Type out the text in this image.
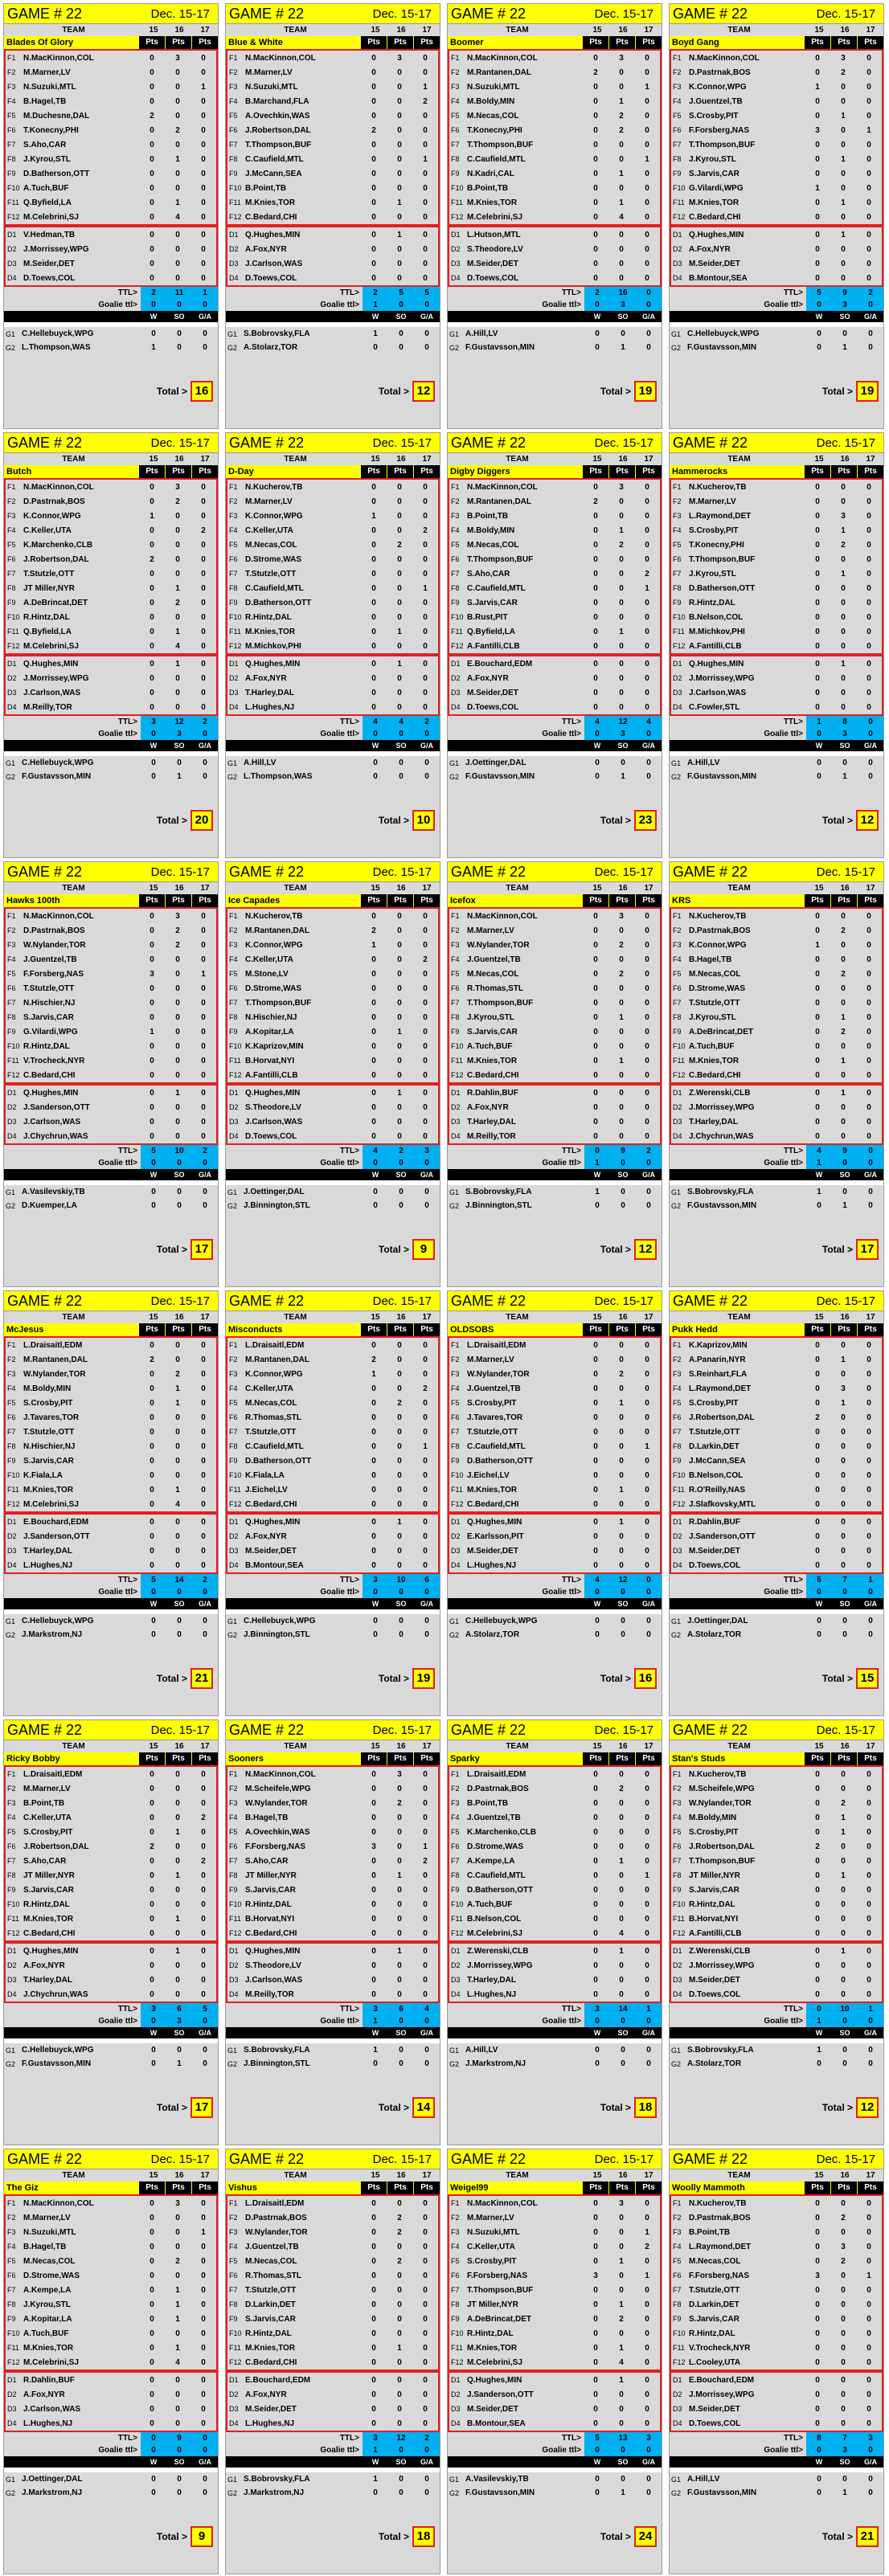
GAME # 22	Dec. 15-17
TEAM	15	16	17
Blades Of Glory	Pts	Pts	Pts
F1 N.MacKinnon,COL	0	3	0
F2 M.Marner,LV	0	0	0
F3 N.Suzuki,MTL	0	0	1
F4 B.Hagel,TB	0	0	0
F5 M.Duchesne,DAL	2	0	0
F6 T.Konecny,PHI	0	2	0
F7 S.Aho,CAR	0	0	0
F8 J.Kyrou,STL	0	1	0
F9 D.Batherson,OTT	0	0	0
F10 A.Tuch,BUF	0	0	0
F11 Q.Byfield,LA	0	1	0
F12 M.Celebrini,SJ	0	4	0
D1 V.Hedman,TB	0	0	0
D2 J.Morrissey,WPG	0	0	0
D3 M.Seider,DET	0	0	0
D4 D.Toews,COL	0	0	0
TTL>	2	11	1
Goalie ttl>	0	0	0
W	SO	G/A
G1 C.Hellebuyck,WPG	0	0	0
G2 L.Thompson,WAS	1	0	0
Total > 16
GAME # 22	Dec. 15-17
TEAM	15	16	17
Blue & White	Pts	Pts	Pts
F1 N.MacKinnon,COL	0	3	0
F2 M.Marner,LV	0	0	0
F3 N.Suzuki,MTL	0	0	1
F4 B.Marchand,FLA	0	0	2
F5 A.Ovechkin,WAS	0	0	0
F6 J.Robertson,DAL	2	0	0
F7 T.Thompson,BUF	0	0	0
F8 C.Caufield,MTL	0	0	1
F9 J.McCann,SEA	0	0	0
F10 B.Point,TB	0	0	0
F11 M.Knies,TOR	0	1	0
F12 C.Bedard,CHI	0	0	0
D1 Q.Hughes,MIN	0	1	0
D2 A.Fox,NYR	0	0	0
D3 J.Carlson,WAS	0	0	0
D4 D.Toews,COL	0	0	0
TTL>	2	5	5
Goalie ttl>	1	0	0
W	SO	G/A
G1 S.Bobrovsky,FLA	1	0	0
G2 A.Stolarz,TOR	0	0	0
Total > 12
GAME # 22	Dec. 15-17
TEAM	15	16	17
Boomer	Pts	Pts	Pts
F1 N.MacKinnon,COL	0	3	0
F2 M.Rantanen,DAL	2	0	0
F3 N.Suzuki,MTL	0	0	1
F4 M.Boldy,MIN	0	1	0
F5 M.Necas,COL	0	2	0
F6 T.Konecny,PHI	0	2	0
F7 T.Thompson,BUF	0	0	0
F8 C.Caufield,MTL	0	0	1
F9 N.Kadri,CAL	0	1	0
F10 B.Point,TB	0	0	0
F11 M.Knies,TOR	0	1	0
F12 M.Celebrini,SJ	0	4	0
D1 L.Hutson,MTL	0	0	0
D2 S.Theodore,LV	0	0	0
D3 M.Seider,DET	0	0	0
D4 D.Toews,COL	0	0	0
TTL>	2	16	0
Goalie ttl>	0	3	0
W	SO	G/A
G1 A.Hill,LV	0	0	0
G2 F.Gustavsson,MIN	0	1	0
Total > 19
GAME # 22	Dec. 15-17
TEAM	15	16	17
Boyd Gang	Pts	Pts	Pts
F1 N.MacKinnon,COL	0	3	0
F2 D.Pastrnak,BOS	0	2	0
F3 K.Connor,WPG	1	0	0
F4 J.Guentzel,TB	0	0	0
F5 S.Crosby,PIT	0	1	0
F6 F.Forsberg,NAS	3	0	1
F7 T.Thompson,BUF	0	0	0
F8 J.Kyrou,STL	0	1	0
F9 S.Jarvis,CAR	0	0	0
F10 G.Vilardi,WPG	1	0	0
F11 M.Knies,TOR	0	1	0
F12 C.Bedard,CHI	0	0	0
D1 Q.Hughes,MIN	0	1	0
D2 A.Fox,NYR	0	0	0
D3 M.Seider,DET	0	0	0
D4 B.Montour,SEA	0	0	0
TTL>	5	9	2
Goalie ttl>	0	3	0
W	SO	G/A
G1 C.Hellebuyck,WPG	0	0	0
G2 F.Gustavsson,MIN	0	1	0
Total > 19
GAME # 22	Dec. 15-17
TEAM	15	16	17
Butch	Pts	Pts	Pts
F1 N.MacKinnon,COL	0	3	0
F2 D.Pastrnak,BOS	0	2	0
F3 K.Connor,WPG	1	0	0
F4 C.Keller,UTA	0	0	2
F5 K.Marchenko,CLB	0	0	0
F6 J.Robertson,DAL	2	0	0
F7 T.Stutzle,OTT	0	0	0
F8 JT Miller,NYR	0	1	0
F9 A.DeBrincat,DET	0	2	0
F10 R.Hintz,DAL	0	0	0
F11 Q.Byfield,LA	0	1	0
F12 M.Celebrini,SJ	0	4	0
D1 Q.Hughes,MIN	0	1	0
D2 J.Morrissey,WPG	0	0	0
D3 J.Carlson,WAS	0	0	0
D4 M.Reilly,TOR	0	0	0
TTL>	3	12	2
Goalie ttl>	0	3	0
W	SO	G/A
G1 C.Hellebuyck,WPG	0	0	0
G2 F.Gustavsson,MIN	0	1	0
Total > 20
GAME # 22	Dec. 15-17
TEAM	15	16	17
D-Day	Pts	Pts	Pts
F1 N.Kucherov,TB	0	0	0
F2 M.Marner,LV	0	0	0
F3 K.Connor,WPG	1	0	0
F4 C.Keller,UTA	0	0	2
F5 M.Necas,COL	0	2	0
F6 D.Strome,WAS	0	0	0
F7 T.Stutzle,OTT	0	0	0
F8 C.Caufield,MTL	0	0	1
F9 D.Batherson,OTT	0	0	0
F10 R.Hintz,DAL	0	0	0
F11 M.Knies,TOR	0	1	0
F12 M.Michkov,PHI	0	0	0
D1 Q.Hughes,MIN	0	1	0
D2 A.Fox,NYR	0	0	0
D3 T.Harley,DAL	0	0	0
D4 L.Hughes,NJ	0	0	0
TTL>	4	4	2
Goalie ttl>	0	0	0
W	SO	G/A
G1 A.Hill,LV	0	0	0
G2 L.Thompson,WAS	0	0	0
Total > 10
GAME # 22	Dec. 15-17
TEAM	15	16	17
Digby Diggers	Pts	Pts	Pts
F1 N.MacKinnon,COL	0	3	0
F2 M.Rantanen,DAL	2	0	0
F3 B.Point,TB	0	0	0
F4 M.Boldy,MIN	0	1	0
F5 M.Necas,COL	0	2	0
F6 T.Thompson,BUF	0	0	0
F7 S.Aho,CAR	0	0	2
F8 C.Caufield,MTL	0	0	1
F9 S.Jarvis,CAR	0	0	0
F10 B.Rust,PIT	0	0	0
F11 Q.Byfield,LA	0	1	0
F12 A.Fantilli,CLB	0	0	0
D1 E.Bouchard,EDM	0	0	0
D2 A.Fox,NYR	0	0	0
D3 M.Seider,DET	0	0	0
D4 D.Toews,COL	0	0	0
TTL>	4	12	4
Goalie ttl>	0	3	0
W	SO	G/A
G1 J.Oettinger,DAL	0	0	0
G2 F.Gustavsson,MIN	0	1	0
Total > 23
GAME # 22	Dec. 15-17
TEAM	15	16	17
Hammerocks	Pts	Pts	Pts
F1 N.Kucherov,TB	0	0	0
F2 M.Marner,LV	0	0	0
F3 L.Raymond,DET	0	3	0
F4 S.Crosby,PIT	0	1	0
F5 T.Konecny,PHI	0	2	0
F6 T.Thompson,BUF	0	0	0
F7 J.Kyrou,STL	0	1	0
F8 D.Batherson,OTT	0	0	0
F9 R.Hintz,DAL	0	0	0
F10 B.Nelson,COL	0	0	0
F11 M.Michkov,PHI	0	0	0
F12 A.Fantilli,CLB	0	0	0
D1 Q.Hughes,MIN	0	1	0
D2 J.Morrissey,WPG	0	0	0
D3 J.Carlson,WAS	0	0	0
D4 C.Fowler,STL	0	0	0
TTL>	1	8	0
Goalie ttl>	0	3	0
W	SO	G/A
G1 A.Hill,LV	0	0	0
G2 F.Gustavsson,MIN	0	1	0
Total > 12
GAME # 22	Dec. 15-17
TEAM	15	16	17
Hawks 100th	Pts	Pts	Pts
F1 N.MacKinnon,COL	0	3	0
F2 D.Pastrnak,BOS	0	2	0
F3 W.Nylander,TOR	0	2	0
F4 J.Guentzel,TB	0	0	0
F5 F.Forsberg,NAS	3	0	1
F6 T.Stutzle,OTT	0	0	0
F7 N.Hischier,NJ	0	0	0
F8 S.Jarvis,CAR	0	0	0
F9 G.Vilardi,WPG	1	0	0
F10 R.Hintz,DAL	0	0	0
F11 V.Trocheck,NYR	0	0	0
F12 C.Bedard,CHI	0	0	0
D1 Q.Hughes,MIN	0	1	0
D2 J.Sanderson,OTT	0	0	0
D3 J.Carlson,WAS	0	0	0
D4 J.Chychrun,WAS	0	0	0
TTL>	5	10	2
Goalie ttl>	0	0	0
W	SO	G/A
G1 A.Vasilevskiy,TB	0	0	0
G2 D.Kuemper,LA	0	0	0
Total > 17
GAME # 22	Dec. 15-17
TEAM	15	16	17
Ice Capades	Pts	Pts	Pts
F1 N.Kucherov,TB	0	0	0
F2 M.Rantanen,DAL	2	0	0
F3 K.Connor,WPG	1	0	0
F4 C.Keller,UTA	0	0	2
F5 M.Stone,LV	0	0	0
F6 D.Strome,WAS	0	0	0
F7 T.Thompson,BUF	0	0	0
F8 N.Hischier,NJ	0	0	0
F9 A.Kopitar,LA	0	1	0
F10 K.Kaprizov,MIN	0	0	0
F11 B.Horvat,NYI	0	0	0
F12 A.Fantilli,CLB	0	0	0
D1 Q.Hughes,MIN	0	1	0
D2 S.Theodore,LV	0	0	0
D3 J.Carlson,WAS	0	0	0
D4 D.Toews,COL	0	0	0
TTL>	4	2	3
Goalie ttl>	0	0	0
W	SO	G/A
G1 J.Oettinger,DAL	0	0	0
G2 J.Binnington,STL	0	0	0
Total > 9
GAME # 22	Dec. 15-17
TEAM	15	16	17
Icefox	Pts	Pts	Pts
F1 N.MacKinnon,COL	0	3	0
F2 M.Marner,LV	0	0	0
F3 W.Nylander,TOR	0	2	0
F4 J.Guentzel,TB	0	0	0
F5 M.Necas,COL	0	2	0
F6 R.Thomas,STL	0	0	0
F7 T.Thompson,BUF	0	0	0
F8 J.Kyrou,STL	0	1	0
F9 S.Jarvis,CAR	0	0	0
F10 A.Tuch,BUF	0	0	0
F11 M.Knies,TOR	0	1	0
F12 C.Bedard,CHI	0	0	0
D1 R.Dahlin,BUF	0	0	0
D2 A.Fox,NYR	0	0	0
D3 T.Harley,DAL	0	0	0
D4 M.Reilly,TOR	0	0	0
TTL>	0	9	2
Goalie ttl>	1	0	0
W	SO	G/A
G1 S.Bobrovsky,FLA	1	0	0
G2 J.Binnington,STL	0	0	0
Total > 12
GAME # 22	Dec. 15-17
TEAM	15	16	17
KRS	Pts	Pts	Pts
F1 N.Kucherov,TB	0	0	0
F2 D.Pastrnak,BOS	0	2	0
F3 K.Connor,WPG	1	0	0
F4 B.Hagel,TB	0	0	0
F5 M.Necas,COL	0	2	0
F6 D.Strome,WAS	0	0	0
F7 T.Stutzle,OTT	0	0	0
F8 J.Kyrou,STL	0	1	0
F9 A.DeBrincat,DET	0	2	0
F10 A.Tuch,BUF	0	0	0
F11 M.Knies,TOR	0	1	0
F12 C.Bedard,CHI	0	0	0
D1 Z.Werenski,CLB	0	1	0
D2 J.Morrissey,WPG	0	0	0
D3 T.Harley,DAL	0	0	0
D4 J.Chychrun,WAS	0	0	0
TTL>	4	9	0
Goalie ttl>	1	0	0
W	SO	G/A
G1 S.Bobrovsky,FLA	1	0	0
G2 F.Gustavsson,MIN	0	1	0
Total > 17
GAME # 22	Dec. 15-17
TEAM	15	16	17
McJesus	Pts	Pts	Pts
F1 L.Draisaitl,EDM	0	0	0
F2 M.Rantanen,DAL	2	0	0
F3 W.Nylander,TOR	0	2	0
F4 M.Boldy,MIN	0	1	0
F5 S.Crosby,PIT	0	1	0
F6 J.Tavares,TOR	0	0	0
F7 T.Stutzle,OTT	0	0	0
F8 N.Hischier,NJ	0	0	0
F9 S.Jarvis,CAR	0	0	0
F10 K.Fiala,LA	0	0	0
F11 M.Knies,TOR	0	1	0
F12 M.Celebrini,SJ	0	4	0
D1 E.Bouchard,EDM	0	0	0
D2 J.Sanderson,OTT	0	0	0
D3 T.Harley,DAL	0	0	0
D4 L.Hughes,NJ	0	0	0
TTL>	5	14	2
Goalie ttl>	0	0	0
W	SO	G/A
G1 C.Hellebuyck,WPG	0	0	0
G2 J.Markstrom,NJ	0	0	0
Total > 21
GAME # 22	Dec. 15-17
TEAM	15	16	17
Misconducts	Pts	Pts	Pts
F1 L.Draisaitl,EDM	0	0	0
F2 M.Rantanen,DAL	2	0	0
F3 K.Connor,WPG	1	0	0
F4 C.Keller,UTA	0	0	2
F5 M.Necas,COL	0	2	0
F6 R.Thomas,STL	0	0	0
F7 T.Stutzle,OTT	0	0	0
F8 C.Caufield,MTL	0	0	1
F9 D.Batherson,OTT	0	0	0
F10 K.Fiala,LA	0	0	0
F11 J.Eichel,LV	0	0	0
F12 C.Bedard,CHI	0	0	0
D1 Q.Hughes,MIN	0	1	0
D2 A.Fox,NYR	0	0	0
D3 M.Seider,DET	0	0	0
D4 B.Montour,SEA	0	0	0
TTL>	3	10	6
Goalie ttl>	0	0	0
W	SO	G/A
G1 C.Hellebuyck,WPG	0	0	0
G2 J.Binnington,STL	0	0	0
Total > 19
GAME # 22	Dec. 15-17
TEAM	15	16	17
OLDSOBS	Pts	Pts	Pts
F1 L.Draisaitl,EDM	0	0	0
F2 M.Marner,LV	0	0	0
F3 W.Nylander,TOR	0	2	0
F4 J.Guentzel,TB	0	0	0
F5 S.Crosby,PIT	0	1	0
F6 J.Tavares,TOR	0	0	0
F7 T.Stutzle,OTT	0	0	0
F8 C.Caufield,MTL	0	0	1
F9 D.Batherson,OTT	0	0	0
F10 J.Eichel,LV	0	0	0
F11 M.Knies,TOR	0	1	0
F12 C.Bedard,CHI	0	0	0
D1 Q.Hughes,MIN	0	1	0
D2 E.Karlsson,PIT	0	0	0
D3 M.Seider,DET	0	0	0
D4 L.Hughes,NJ	0	0	0
TTL>	4	12	0
Goalie ttl>	0	0	0
W	SO	G/A
G1 C.Hellebuyck,WPG	0	0	0
G2 A.Stolarz,TOR	0	0	0
Total > 16
GAME # 22	Dec. 15-17
TEAM	15	16	17
Pukk Hedd	Pts	Pts	Pts
F1 K.Kaprizov,MIN	0	0	0
F2 A.Panarin,NYR	0	1	0
F3 S.Reinhart,FLA	0	0	0
F4 L.Raymond,DET	0	3	0
F5 S.Crosby,PIT	0	1	0
F6 J.Robertson,DAL	2	0	0
F7 T.Stutzle,OTT	0	0	0
F8 D.Larkin,DET	0	0	0
F9 J.McCann,SEA	0	0	0
F10 B.Nelson,COL	0	0	0
F11 R.O'Reilly,NAS	0	0	0
F12 J.Slafkovsky,MTL	0	0	0
D1 R.Dahlin,BUF	0	0	0
D2 J.Sanderson,OTT	0	0	0
D3 M.Seider,DET	0	0	0
D4 D.Toews,COL	0	0	0
TTL>	5	7	1
Goalie ttl>	0	0	0
W	SO	G/A
G1 J.Oettinger,DAL	0	0	0
G2 A.Stolarz,TOR	0	0	0
Total > 15
GAME # 22	Dec. 15-17
TEAM	15	16	17
Ricky Bobby	Pts	Pts	Pts
F1 L.Draisaitl,EDM	0	0	0
F2 M.Marner,LV	0	0	0
F3 B.Point,TB	0	0	0
F4 C.Keller,UTA	0	0	2
F5 S.Crosby,PIT	0	1	0
F6 J.Robertson,DAL	2	0	0
F7 S.Aho,CAR	0	0	2
F8 JT Miller,NYR	0	1	0
F9 S.Jarvis,CAR	0	0	0
F10 R.Hintz,DAL	0	0	0
F11 M.Knies,TOR	0	1	0
F12 C.Bedard,CHI	0	0	0
D1 Q.Hughes,MIN	0	1	0
D2 A.Fox,NYR	0	0	0
D3 T.Harley,DAL	0	0	0
D4 J.Chychrun,WAS	0	0	0
TTL>	3	6	5
Goalie ttl>	0	3	0
W	SO	G/A
G1 C.Hellebuyck,WPG	0	0	0
G2 F.Gustavsson,MIN	0	1	0
Total > 17
GAME # 22	Dec. 15-17
TEAM	15	16	17
Sooners	Pts	Pts	Pts
F1 N.MacKinnon,COL	0	3	0
F2 M.Scheifele,WPG	0	0	0
F3 W.Nylander,TOR	0	2	0
F4 B.Hagel,TB	0	0	0
F5 A.Ovechkin,WAS	0	0	0
F6 F.Forsberg,NAS	3	0	1
F7 S.Aho,CAR	0	0	2
F8 JT Miller,NYR	0	1	0
F9 S.Jarvis,CAR	0	0	0
F10 R.Hintz,DAL	0	0	0
F11 B.Horvat,NYI	0	0	0
F12 C.Bedard,CHI	0	0	0
D1 Q.Hughes,MIN	0	1	0
D2 S.Theodore,LV	0	0	0
D3 J.Carlson,WAS	0	0	0
D4 M.Reilly,TOR	0	0	0
TTL>	3	6	4
Goalie ttl>	1	0	0
W	SO	G/A
G1 S.Bobrovsky,FLA	1	0	0
G2 J.Binnington,STL	0	0	0
Total > 14
GAME # 22	Dec. 15-17
TEAM	15	16	17
Sparky	Pts	Pts	Pts
F1 L.Draisaitl,EDM	0	0	0
F2 D.Pastrnak,BOS	0	2	0
F3 B.Point,TB	0	0	0
F4 J.Guentzel,TB	0	0	0
F5 K.Marchenko,CLB	0	0	0
F6 D.Strome,WAS	0	0	0
F7 A.Kempe,LA	0	1	0
F8 C.Caufield,MTL	0	0	1
F9 D.Batherson,OTT	0	0	0
F10 A.Tuch,BUF	0	0	0
F11 B.Nelson,COL	0	0	0
F12 M.Celebrini,SJ	0	4	0
D1 Z.Werenski,CLB	0	1	0
D2 J.Morrissey,WPG	0	0	0
D3 T.Harley,DAL	0	0	0
D4 L.Hughes,NJ	0	0	0
TTL>	3	14	1
Goalie ttl>	0	0	0
W	SO	G/A
G1 A.Hill,LV	0	0	0
G2 J.Markstrom,NJ	0	0	0
Total > 18
GAME # 22	Dec. 15-17
TEAM	15	16	17
Stan's Studs	Pts	Pts	Pts
F1 N.Kucherov,TB	0	0	0
F2 M.Scheifele,WPG	0	0	0
F3 W.Nylander,TOR	0	2	0
F4 M.Boldy,MIN	0	1	0
F5 S.Crosby,PIT	0	1	0
F6 J.Robertson,DAL	2	0	0
F7 T.Thompson,BUF	0	0	0
F8 JT Miller,NYR	0	1	0
F9 S.Jarvis,CAR	0	0	0
F10 R.Hintz,DAL	0	0	0
F11 B.Horvat,NYI	0	0	0
F12 A.Fantilli,CLB	0	0	0
D1 Z.Werenski,CLB	0	1	0
D2 J.Morrissey,WPG	0	0	0
D3 M.Seider,DET	0	0	0
D4 D.Toews,COL	0	0	0
TTL>	0	10	1
Goalie ttl>	1	0	0
W	SO	G/A
G1 S.Bobrovsky,FLA	1	0	0
G2 A.Stolarz,TOR	0	0	0
Total > 12
GAME # 22	Dec. 15-17
TEAM	15	16	17
The Giz	Pts	Pts	Pts
F1 N.MacKinnon,COL	0	3	0
F2 M.Marner,LV	0	0	0
F3 N.Suzuki,MTL	0	0	1
F4 B.Hagel,TB	0	0	0
F5 M.Necas,COL	0	2	0
F6 D.Strome,WAS	0	0	0
F7 A.Kempe,LA	0	1	0
F8 J.Kyrou,STL	0	1	0
F9 A.Kopitar,LA	0	1	0
F10 A.Tuch,BUF	0	0	0
F11 M.Knies,TOR	0	1	0
F12 M.Celebrini,SJ	0	4	0
D1 R.Dahlin,BUF	0	0	0
D2 A.Fox,NYR	0	0	0
D3 J.Carlson,WAS	0	0	0
D4 L.Hughes,NJ	0	0	0
TTL>	0	9	0
Goalie ttl>	0	0	0
W	SO	G/A
G1 J.Oettinger,DAL	0	0	0
G2 J.Markstrom,NJ	0	0	0
Total > 9
GAME # 22	Dec. 15-17
TEAM	15	16	17
Vishus	Pts	Pts	Pts
F1 L.Draisaitl,EDM	0	0	0
F2 D.Pastrnak,BOS	0	2	0
F3 W.Nylander,TOR	0	2	0
F4 J.Guentzel,TB	0	0	0
F5 M.Necas,COL	0	2	0
F6 R.Thomas,STL	0	0	0
F7 T.Stutzle,OTT	0	0	0
F8 D.Larkin,DET	0	0	0
F9 S.Jarvis,CAR	0	0	0
F10 R.Hintz,DAL	0	0	0
F11 M.Knies,TOR	0	1	0
F12 C.Bedard,CHI	0	0	0
D1 E.Bouchard,EDM	0	0	0
D2 A.Fox,NYR	0	0	0
D3 M.Seider,DET	0	0	0
D4 L.Hughes,NJ	0	0	0
TTL>	3	12	2
Goalie ttl>	1	0	0
W	SO	G/A
G1 S.Bobrovsky,FLA	1	0	0
G2 J.Markstrom,NJ	0	0	0
Total > 18
GAME # 22	Dec. 15-17
TEAM	15	16	17
Weigel99	Pts	Pts	Pts
F1 N.MacKinnon,COL	0	3	0
F2 M.Marner,LV	0	0	0
F3 N.Suzuki,MTL	0	0	1
F4 C.Keller,UTA	0	0	2
F5 S.Crosby,PIT	0	1	0
F6 F.Forsberg,NAS	3	0	1
F7 T.Thompson,BUF	0	0	0
F8 JT Miller,NYR	0	1	0
F9 A.DeBrincat,DET	0	2	0
F10 R.Hintz,DAL	0	0	0
F11 M.Knies,TOR	0	1	0
F12 M.Celebrini,SJ	0	4	0
D1 Q.Hughes,MIN	0	1	0
D2 J.Sanderson,OTT	0	0	0
D3 M.Seider,DET	0	0	0
D4 B.Montour,SEA	0	0	0
TTL>	5	13	3
Goalie ttl>	0	0	0
W	SO	G/A
G1 A.Vasilevskiy,TB	0	0	0
G2 F.Gustavsson,MIN	0	1	0
Total > 24
GAME # 22	Dec. 15-17
TEAM	15	16	17
Woolly Mammoth	Pts	Pts	Pts
F1 N.Kucherov,TB	0	0	0
F2 D.Pastrnak,BOS	0	2	0
F3 B.Point,TB	0	0	0
F4 L.Raymond,DET	0	3	0
F5 M.Necas,COL	0	2	0
F6 F.Forsberg,NAS	3	0	1
F7 T.Stutzle,OTT	0	0	0
F8 D.Larkin,DET	0	0	0
F9 S.Jarvis,CAR	0	0	0
F10 R.Hintz,DAL	0	0	0
F11 V.Trocheck,NYR	0	0	0
F12 L.Cooley,UTA	0	0	0
D1 E.Bouchard,EDM	0	0	0
D2 J.Morrissey,WPG	0	0	0
D3 M.Seider,DET	0	0	0
D4 D.Toews,COL	0	0	0
TTL>	8	7	3
Goalie ttl>	0	3	0
W	SO	G/A
G1 A.Hill,LV	0	0	0
G2 F.Gustavsson,MIN	0	1	0
Total > 21
